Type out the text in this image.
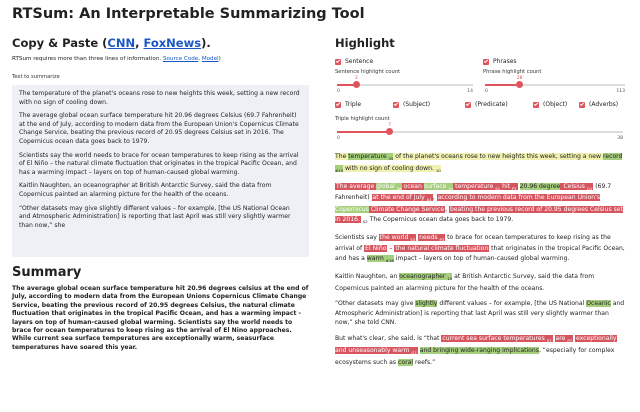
RTSum: An Interpretable Summarizing Tool
Copy & Paste (CNN, FoxNews).
RTSum requires more than three lines of information. Source Code, Model)
Text to summarize

The temperature of the planet's oceans rose to new heights this week, setting a new record with no sign of cooling down.

The average global ocean surface temperature hit 20.96 degrees Celsius (69.7 Fahrenheit) at the end of July, according to modern data from the European Union's Copernicus Climate Change Service, beating the previous record of 20.95 degrees Celsius set in 2016. The Copernicus ocean data goes back to 1979.

Scientists say the world needs to brace for ocean temperatures to keep rising as the arrival of El Niño – the natural climate fluctuation that originates in the tropical Pacific Ocean, and has a warming impact – layers on top of human-caused global warming.

Kaitlin Naughten, an oceanographer at British Antarctic Survey, said the data from Copernicus painted an alarming picture for the health of the oceans.

“Other datasets may give slightly different values – for example, [the US National Ocean and Atmospheric Administration] is reporting that last April was still very slightly warmer than now,” she

Summary
The average global ocean surface temperature hit 20.96 degrees celsius at the end of July, according to modern data from the European Unions Copernicus Climate Change Service, beating the previous record of 20.95 degrees Celsius, the natural climate fluctuation that originates in the tropical Pacific Ocean, and has a warming impact - layers on top of human-caused global warming. Scientists say the world needs to brace for ocean temperatures to keep rising as the arrival of El Nino approaches. While current sea surface temperatures are exceptionally warm, seasurface temperatures have soared this year.
Highlight
Sentence	Phrases
Sentence highlight count
2
0	14
Phrase highlight count
28
0	113
Triple	(Subject)	(Predicate)	(Object)	(Adverbs)
Triple highlight count
7
0	38

The temperature $_{35}$ of the planet's oceans rose to new heights this week, setting a new record $_{\#13}$ with no sign of cooling down. $_{10}$

The average global $_{38}$ ocean surface $_{24}$ temperature $_{S1}$ hit $_{P1}$ 20.96 degree Celsius $_{O1}$ (69.7 Fahrenheit) at the end of July $_{A1}$, according to modern data from the European Union's Copernicus Climate Change Service, beating the previous record of 20.95 degrees Celsius set in 2016. $_{S2}$ The Copernicus ocean data goes back to 1979.

Scientists say the world $_{S3}$ needs $_{P3}$ to brace for ocean temperatures to keep rising as the arrival of El Niño – the natural climate fluctuation that originates in the tropical Pacific Ocean, and has a warm $_{\#16}$ impact – layers on top of human-caused global warming.

Kaitlin Naughten, an oceanographer $_{10}$ at British Antarctic Survey, said the data from Copernicus painted an alarming picture for the health of the oceans.

“Other datasets may give slightly different values – for example, [the US National Oceanic and Atmospheric Administration] is reporting that last April was still very slightly warmer than now,” she told CNN.

But what's clear, she said, is “that current sea surface temperatures $_{S7}$ are $_{P7}$ exceptionally and unseasonably warm $_{O7}$ and bringing wide-ranging implications, “especially for complex ecosystems such as coral reefs.”
